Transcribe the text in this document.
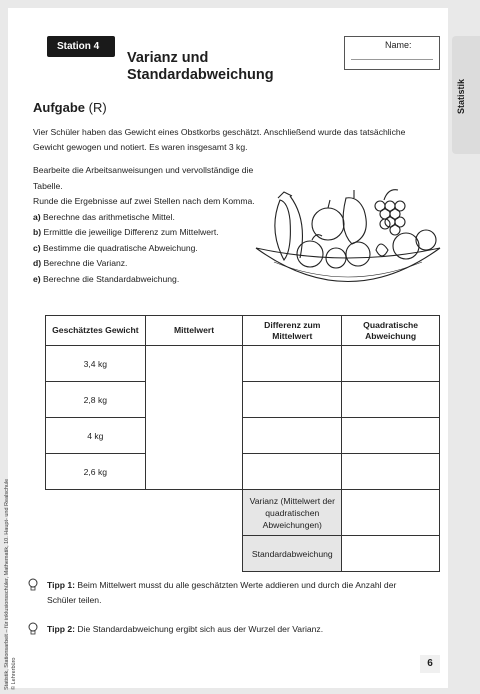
Statistik
Station 4
Varianz und
Standardabweichung
Name:
Aufgabe (R)
Vier Schüler haben das Gewicht eines Obstkorbs geschätzt. Anschließend wurde das tatsächliche
Gewicht gewogen und notiert. Es waren insgesamt 3 kg.
Bearbeite die Arbeitsanweisungen und vervollständige die Tabelle.
Runde die Ergebnisse auf zwei Stellen nach dem Komma.
a) Berechne das arithmetische Mittel.
b) Ermittle die jeweilige Differenz zum Mittelwert.
c) Bestimme die quadratische Abweichung.
d) Berechne die Varianz.
e) Berechne die Standardabweichung.
Geschätztes Gewicht	Mittelwert	Differenz zum Mittelwert	Quadratische Abweichung
3,4 kg			
2,8 kg			
4 kg			
2,6 kg			
		Varianz (Mittelwert der quadratischen Abweichungen)	
		Standardabweichung	
Tipp 1: Beim Mittelwert musst du alle geschätzten Werte addieren und durch die Anzahl der
Schüler teilen.
Tipp 2: Die Standardabweichung ergibt sich aus der Wurzel der Varianz.
Statistik, Stationsarbeit – für inklusionsschüler, Mathematik, 10. Haupt- und Realschule © Lehrerbüro	6
